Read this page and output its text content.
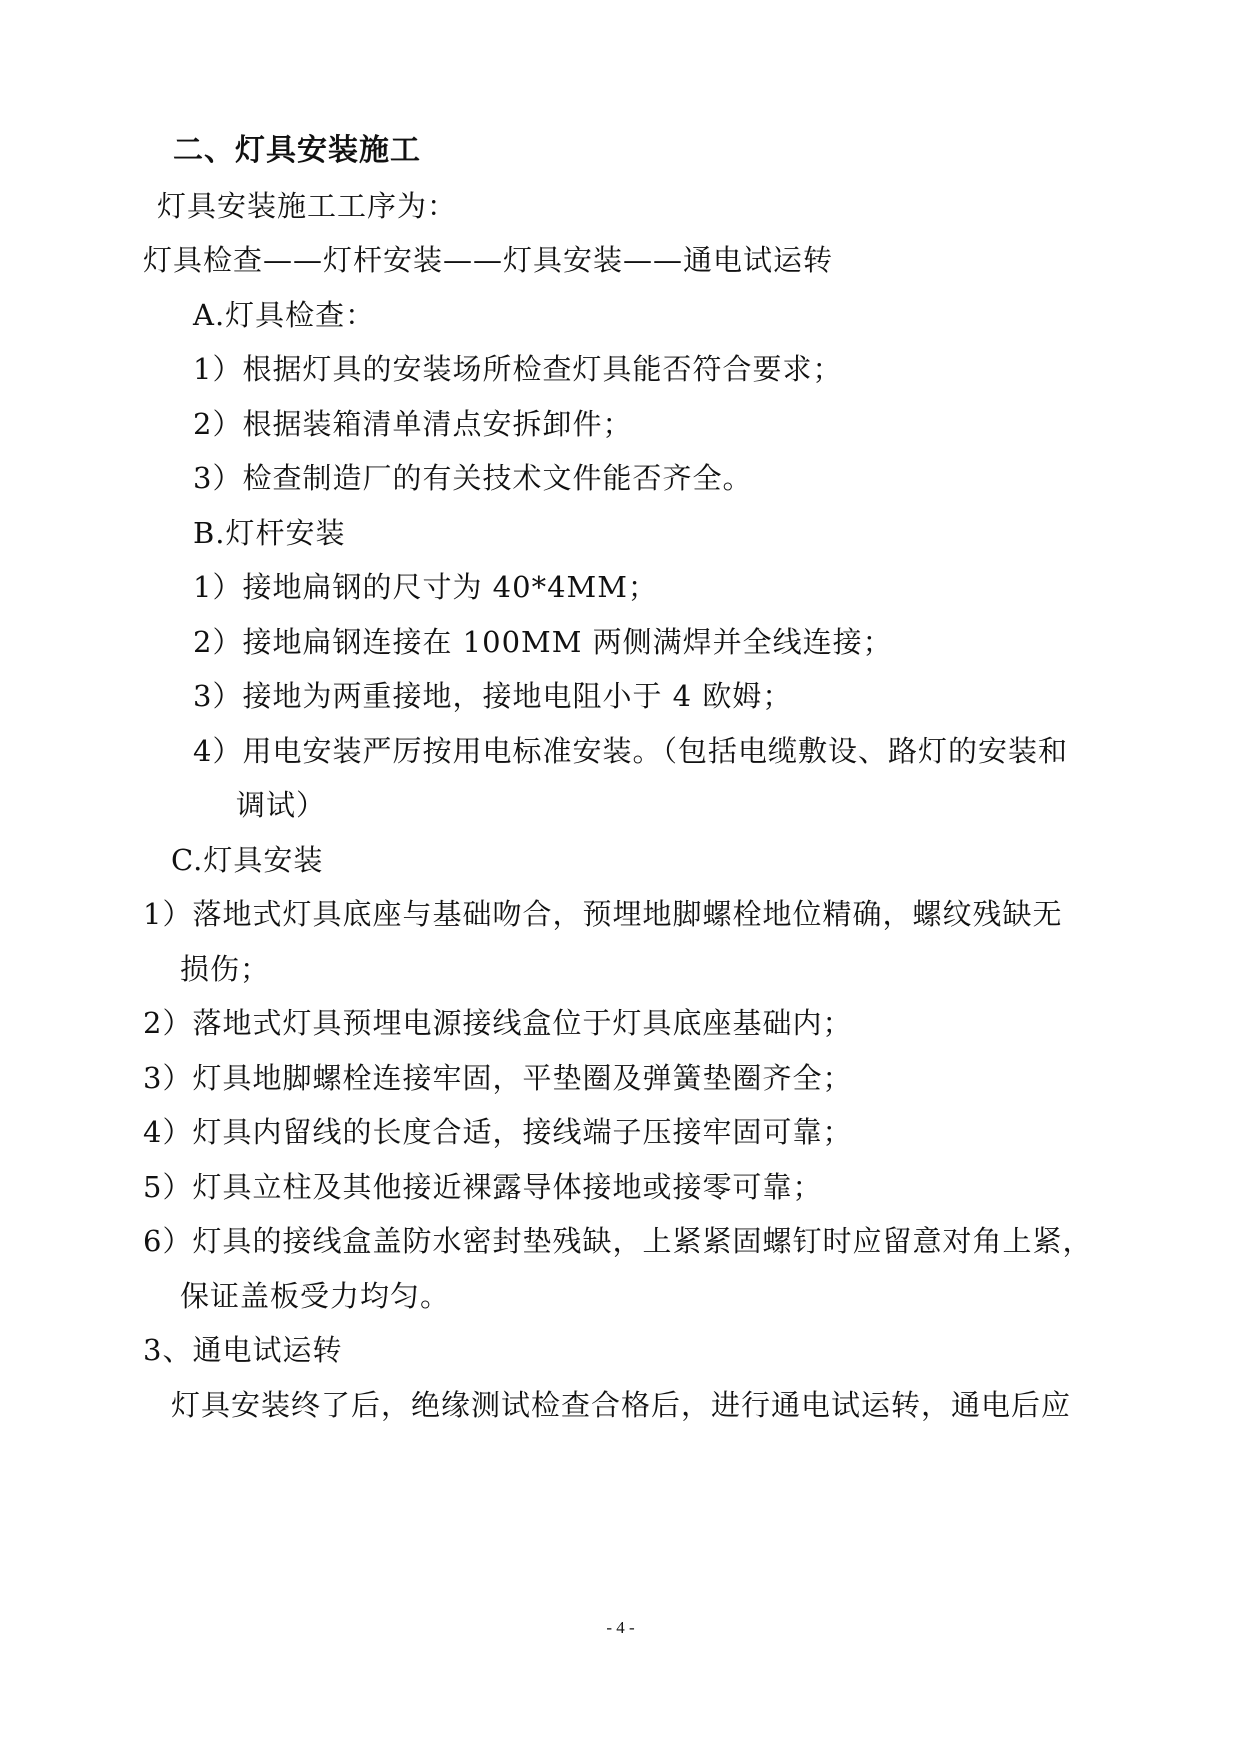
二、灯具安装施工
灯具安装施工工序为：
灯具检查——灯杆安装——灯具安装——通电试运转
A.灯具检查：
1）根据灯具的安装场所检查灯具能否符合要求；
2）根据装箱清单清点安拆卸件；
3）检查制造厂的有关技术文件能否齐全。
B.灯杆安装
1）接地扁钢的尺寸为 40*4MM；
2）接地扁钢连接在 100MM 两侧满焊并全线连接；
3）接地为两重接地，接地电阻小于 4 欧姆；
4）用电安装严厉按用电标准安装。（包括电缆敷设、路灯的安装和
调试）
C.灯具安装
1）落地式灯具底座与基础吻合，预埋地脚螺栓地位精确，螺纹残缺无
损伤；
2）落地式灯具预埋电源接线盒位于灯具底座基础内；
3）灯具地脚螺栓连接牢固，平垫圈及弹簧垫圈齐全；
4）灯具内留线的长度合适，接线端子压接牢固可靠；
5）灯具立柱及其他接近裸露导体接地或接零可靠；
6）灯具的接线盒盖防水密封垫残缺，上紧紧固螺钉时应留意对角上紧，
保证盖板受力均匀。
3、通电试运转
灯具安装终了后，绝缘测试检查合格后，进行通电试运转，通电后应
- 4 -
